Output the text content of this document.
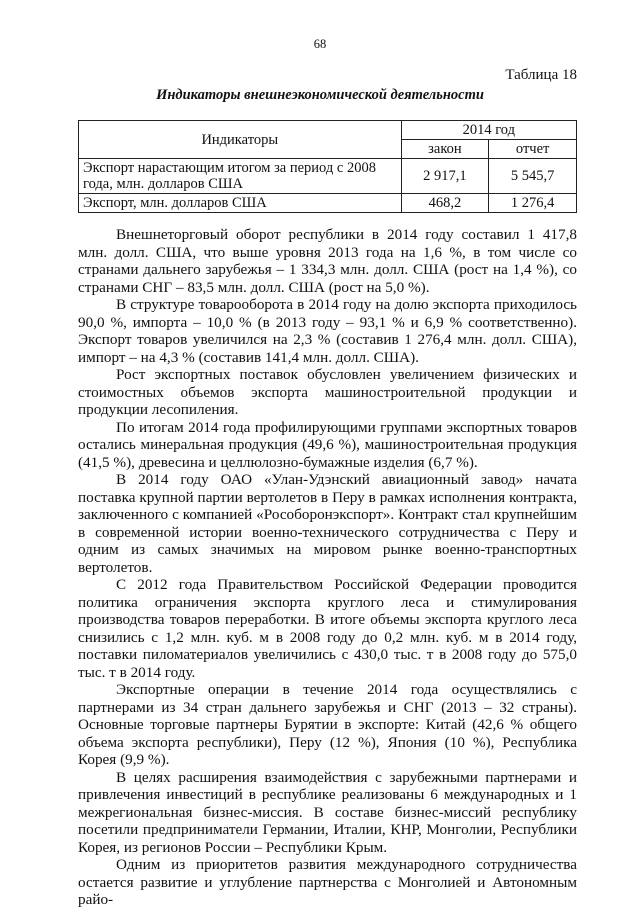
68
Таблица 18
Индикаторы внешнеэкономической деятельности
Индикаторы	2014 год	
	закон	отчет
Экспорт нарастающим итогом за период с 2008 года, млн. долларов США	2 917,1	5 545,7
Экспорт, млн. долларов США	468,2	1 276,4

Внешнеторговый оборот республики в 2014 году составил 1 417,8 млн. долл. США, что выше уровня 2013 года на 1,6 %, в том числе со странами дальнего зарубежья – 1 334,3 млн. долл. США (рост на 1,4 %), со странами СНГ – 83,5 млн. долл. США (рост на 5,0 %).

В структуре товарооборота в 2014 году на долю экспорта приходилось 90,0 %, импорта – 10,0 % (в 2013 году – 93,1 % и 6,9 % соответственно). Экспорт товаров увеличился на 2,3 % (составив 1 276,4 млн. долл. США), импорт – на 4,3 % (составив 141,4 млн. долл. США).

Рост экспортных поставок обусловлен увеличением физических и стоимостных объемов экспорта машиностроительной продукции и продукции лесопиления.

По итогам 2014 года профилирующими группами экспортных товаров остались минеральная продукция (49,6 %), машиностроительная продукция (41,5 %), древесина и целлюлозно-бумажные изделия (6,7 %).

В 2014 году ОАО «Улан-Удэнский авиационный завод» начата поставка крупной партии вертолетов в Перу в рамках исполнения контракта, заключенного с компанией «Рособоронэкспорт». Контракт стал крупнейшим в современной истории военно-технического сотрудничества с Перу и одним из самых значимых на мировом рынке военно-транспортных вертолетов.

С 2012 года Правительством Российской Федерации проводится политика ограничения экспорта круглого леса и стимулирования производства товаров переработки. В итоге объемы экспорта круглого леса снизились с 1,2 млн. куб. м в 2008 году до 0,2 млн. куб. м в 2014 году, поставки пиломатериалов увеличились с 430,0 тыс. т в 2008 году до 575,0 тыс. т в 2014 году.

Экспортные операции в течение 2014 года осуществлялись с партнерами из 34 стран дальнего зарубежья и СНГ (2013 – 32 страны). Основные торговые партнеры Бурятии в экспорте: Китай (42,6 % общего объема экспорта республики), Перу (12 %), Япония (10 %), Республика Корея (9,9 %).

В целях расширения взаимодействия с зарубежными партнерами и привлечения инвестиций в республике реализованы 6 международных и 1 межрегиональная бизнес-миссия. В составе бизнес-миссий республику посетили предприниматели Германии, Италии, КНР, Монголии, Республики Корея, из регионов России – Республики Крым.

Одним из приоритетов развития международного сотрудничества остается развитие и углубление партнерства с Монголией и Автономным райо-
